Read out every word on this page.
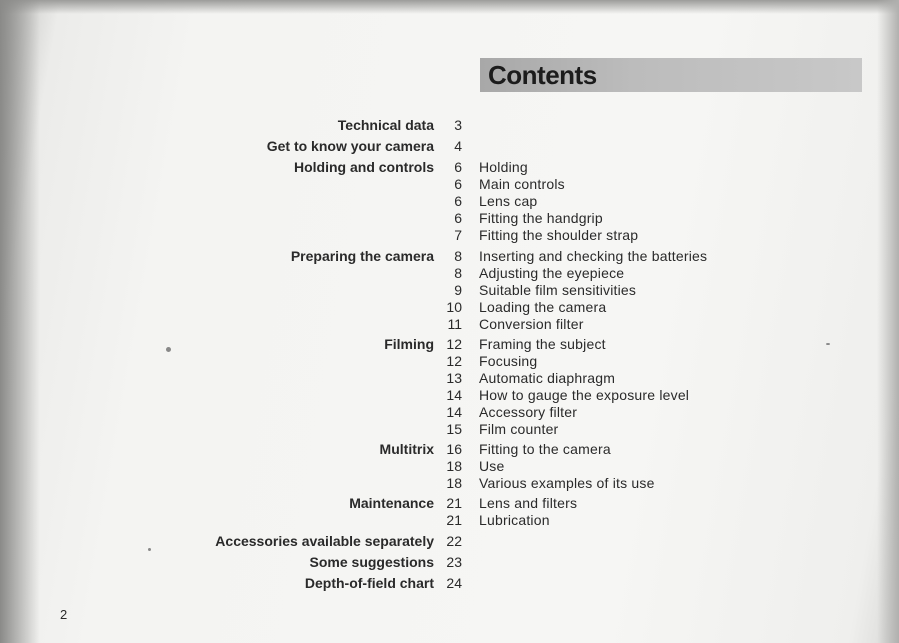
Contents
Technical data	3
Get to know your camera	4
Holding and controls	6 Holding
6 Main controls
6 Lens cap
6 Fitting the handgrip
7 Fitting the shoulder strap
Preparing the camera	8 Inserting and checking the batteries
8 Adjusting the eyepiece
9 Suitable film sensitivities
10 Loading the camera
11 Conversion filter
Filming 12 Framing the subject
12 Focusing
13 Automatic diaphragm
14 How to gauge the exposure level
14 Accessory filter
15 Film counter
Multitrix 16 Fitting to the camera
18 Use
18 Various examples of its use
Maintenance 21 Lens and filters
21 Lubrication
Accessories available separately 22
Some suggestions 23
Depth-of-field chart 24
2
